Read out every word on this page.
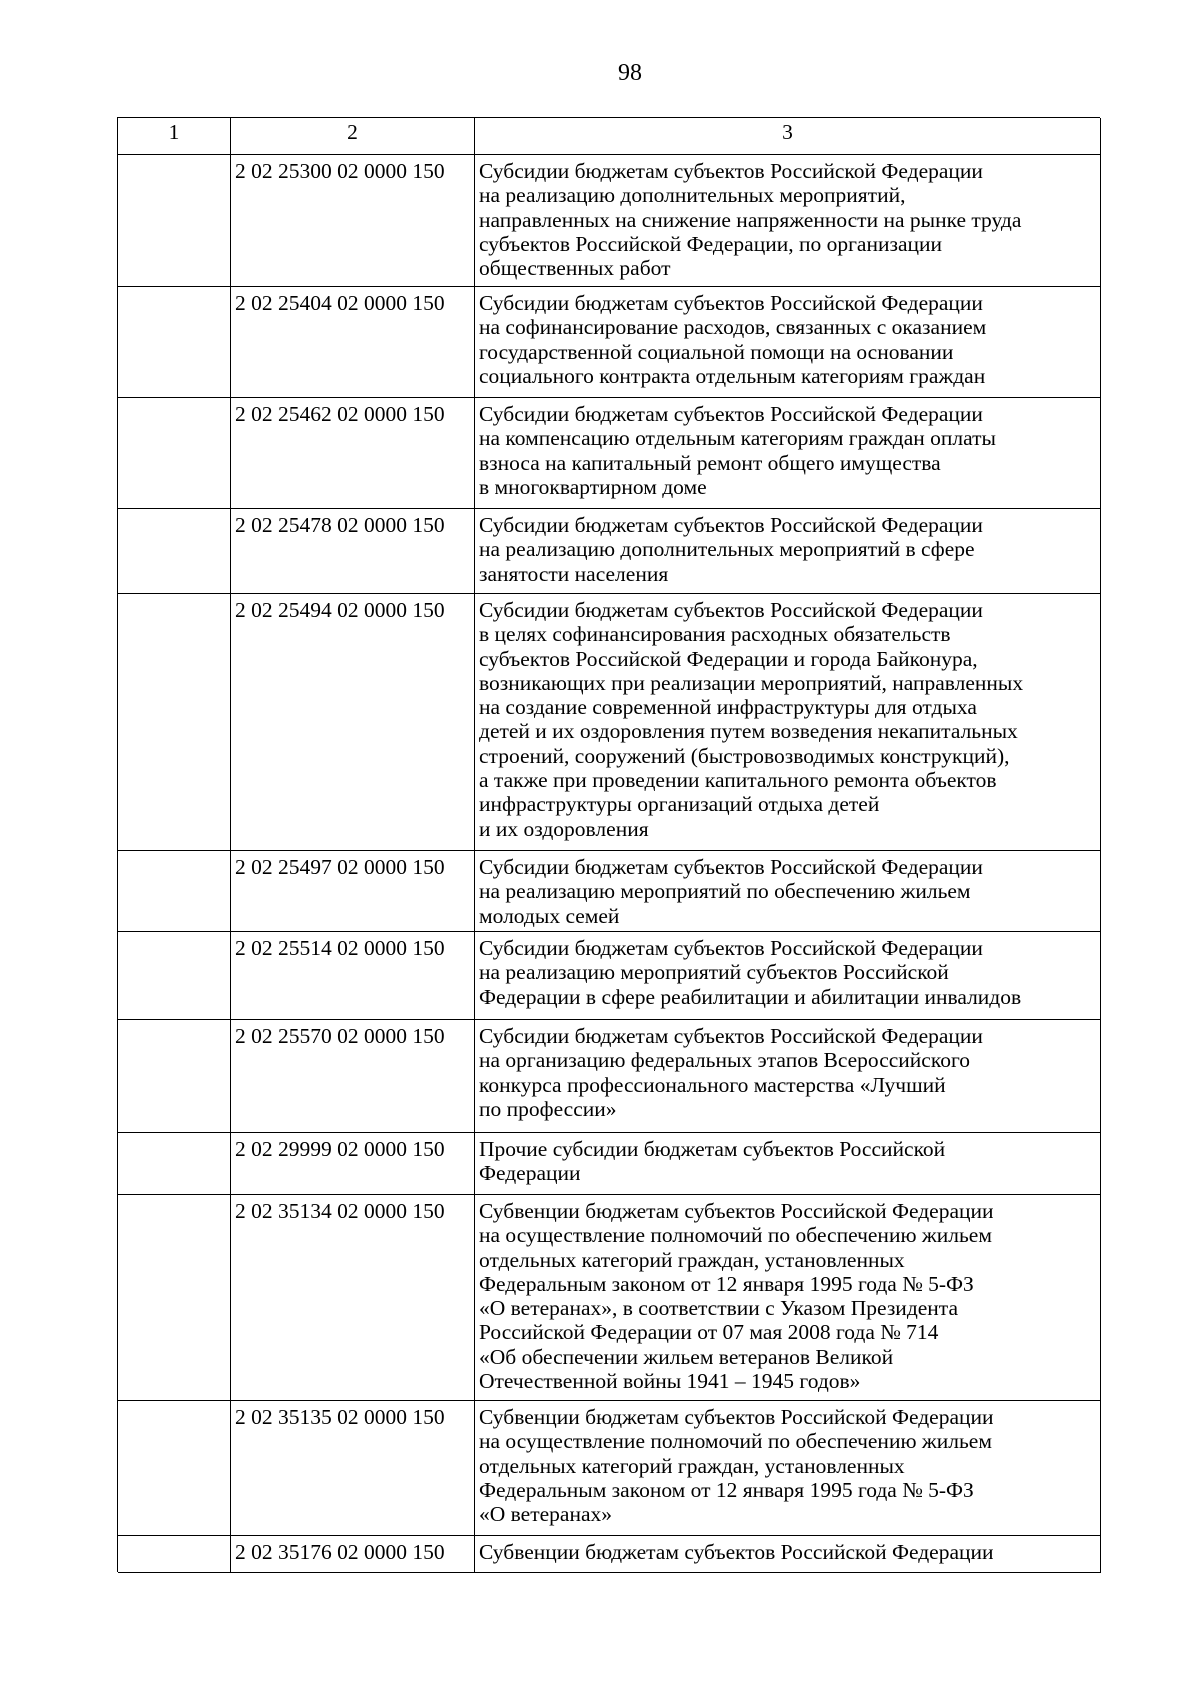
98
1	2	3
2 02 25300 02 0000 150	Субсидии бюджетам субъектов Российской Федерации
на реализацию дополнительных мероприятий,
направленных на снижение напряженности на рынке труда
субъектов Российской Федерации, по организации
общественных работ
2 02 25404 02 0000 150	Субсидии бюджетам субъектов Российской Федерации
на софинансирование расходов, связанных с оказанием
государственной социальной помощи на основании
социального контракта отдельным категориям граждан
2 02 25462 02 0000 150	Субсидии бюджетам субъектов Российской Федерации
на компенсацию отдельным категориям граждан оплаты
взноса на капитальный ремонт общего имущества
в многоквартирном доме
2 02 25478 02 0000 150	Субсидии бюджетам субъектов Российской Федерации
на реализацию дополнительных мероприятий в сфере
занятости населения
2 02 25494 02 0000 150	Субсидии бюджетам субъектов Российской Федерации
в целях софинансирования расходных обязательств
субъектов Российской Федерации и города Байконура,
возникающих при реализации мероприятий, направленных
на создание современной инфраструктуры для отдыха
детей и их оздоровления путем возведения некапитальных
строений, сооружений (быстровозводимых конструкций),
а также при проведении капитального ремонта объектов
инфраструктуры организаций отдыха детей
и их оздоровления
2 02 25497 02 0000 150	Субсидии бюджетам субъектов Российской Федерации
на реализацию мероприятий по обеспечению жильем
молодых семей
2 02 25514 02 0000 150	Субсидии бюджетам субъектов Российской Федерации
на реализацию мероприятий субъектов Российской
Федерации в сфере реабилитации и абилитации инвалидов
2 02 25570 02 0000 150	Субсидии бюджетам субъектов Российской Федерации
на организацию федеральных этапов Всероссийского
конкурса профессионального мастерства «Лучший
по профессии»
2 02 29999 02 0000 150	Прочие субсидии бюджетам субъектов Российской
Федерации
2 02 35134 02 0000 150	Субвенции бюджетам субъектов Российской Федерации
на осуществление полномочий по обеспечению жильем
отдельных категорий граждан, установленных
Федеральным законом от 12 января 1995 года № 5-ФЗ
«О ветеранах», в соответствии с Указом Президента
Российской Федерации от 07 мая 2008 года № 714
«Об обеспечении жильем ветеранов Великой
Отечественной войны 1941 – 1945 годов»
2 02 35135 02 0000 150	Субвенции бюджетам субъектов Российской Федерации
на осуществление полномочий по обеспечению жильем
отдельных категорий граждан, установленных
Федеральным законом от 12 января 1995 года № 5-ФЗ
«О ветеранах»
2 02 35176 02 0000 150	Субвенции бюджетам субъектов Российской Федерации
